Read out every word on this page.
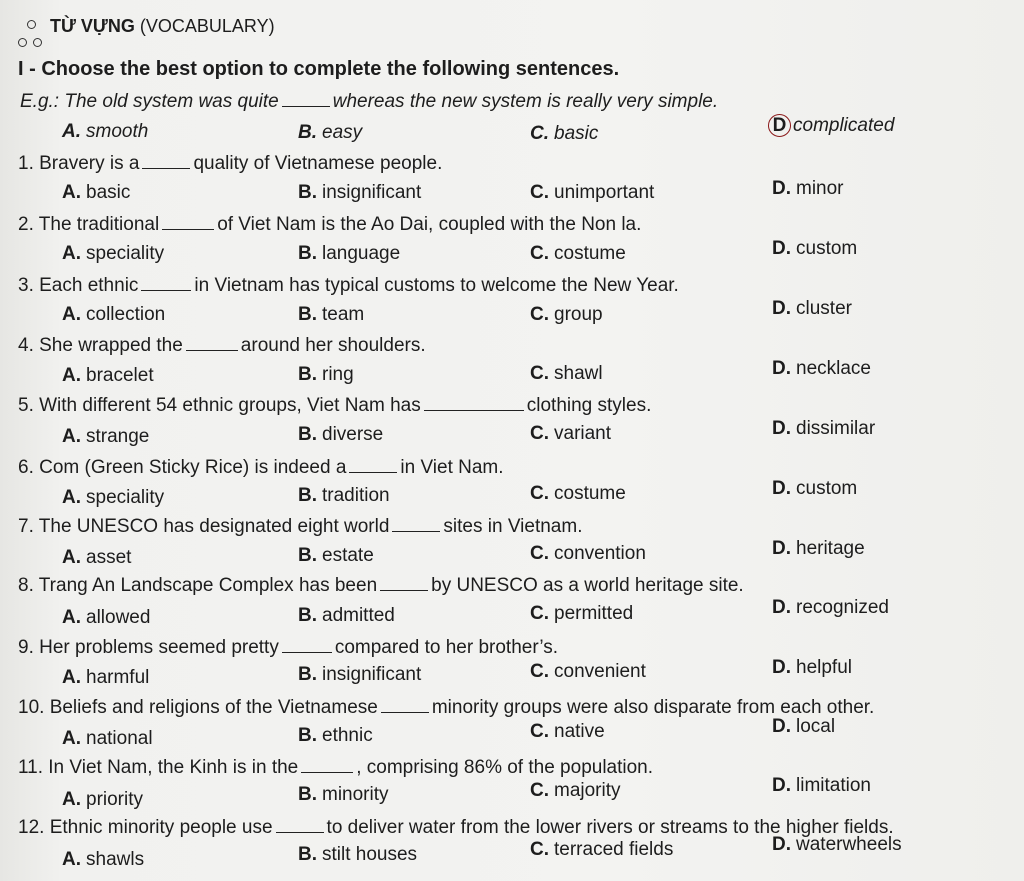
TỪ VỰNG (VOCABULARY)
I - Choose the best option to complete the following sentences.
E.g.: The old system was quite	whereas the new system is really very simple.
A. smooth	B. easy	C. basic	D complicated
1. Bravery is a	quality of Vietnamese people.
A. basic	B. insignificant	C. unimportant	D. minor
2. The traditional	of Viet Nam is the Ao Dai, coupled with the Non la.
A. speciality	B. language	C. costume	D. custom
3. Each ethnic	in Vietnam has typical customs to welcome the New Year.
A. collection	B. team	C. group	D. cluster
4. She wrapped the	around her shoulders.
A. bracelet	B. ring	C. shawl	D. necklace
5. With different 54 ethnic groups, Viet Nam has	clothing styles.
A. strange	B. diverse	C. variant	D. dissimilar
6. Com (Green Sticky Rice) is indeed a	in Viet Nam.
A. speciality	B. tradition	C. costume	D. custom
7. The UNESCO has designated eight world	sites in Vietnam.
A. asset	B. estate	C. convention	D. heritage
8. Trang An Landscape Complex has been	by UNESCO as a world heritage site.
A. allowed	B. admitted	C. permitted	D. recognized
9. Her problems seemed pretty	compared to her brother’s.
A. harmful	B. insignificant	C. convenient	D. helpful
10. Beliefs and religions of the Vietnamese	minority groups were also disparate from each other.
A. national	B. ethnic	C. native	D. local
11. In Viet Nam, the Kinh is in the	, comprising 86% of the population.
A. priority	B. minority	C. majority	D. limitation
12. Ethnic minority people use	to deliver water from the lower rivers or streams to the higher fields.
A. shawls	B. stilt houses	C. terraced fields	D. waterwheels
